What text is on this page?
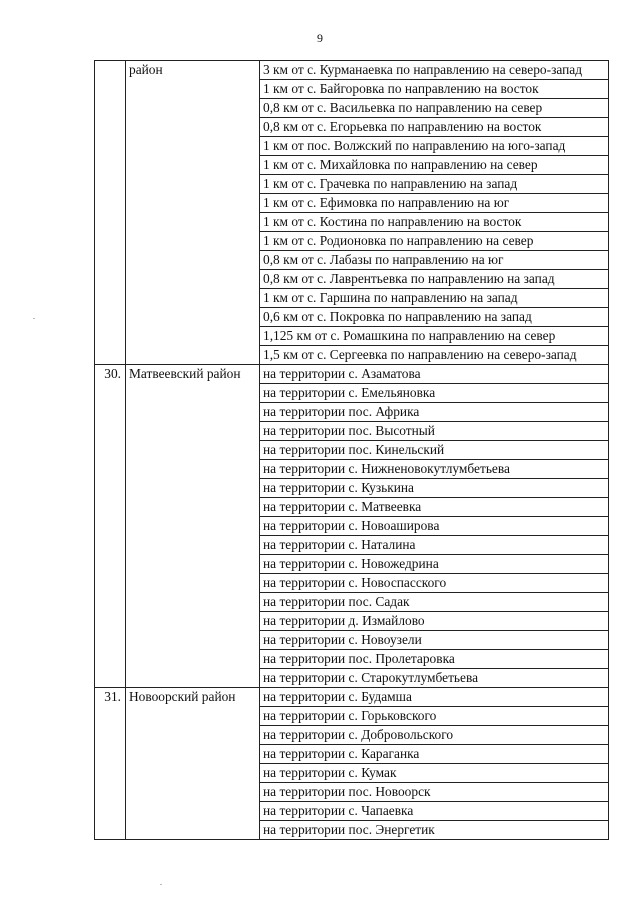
9
	район	3 км от с. Курманаевка по направлению на северо-запад
		1 км от с. Байгоровка по направлению на восток
		0,8 км от с. Васильевка по направлению на север
		0,8 км от с. Егорьевка по направлению на восток
		1 км от пос. Волжский по направлению на юго-запад
		1 км от с. Михайловка по направлению на север
		1 км от с. Грачевка по направлению на запад
		1 км от с. Ефимовка по направлению на юг
		1 км от с. Костина по направлению на восток
		1 км от с. Родионовка по направлению на север
		0,8 км от с. Лабазы по направлению на юг
		0,8 км от с. Лаврентьевка по направлению на запад
		1 км от с. Гаршина по направлению на запад
		0,6 км от с. Покровка по направлению на запад
		1,125 км от с. Ромашкина по направлению на север
		1,5 км от с. Сергеевка по направлению на северо-запад
30.	Матвеевский район	на территории с. Азаматова
		на территории с. Емельяновка
		на территории пос. Африка
		на территории пос. Высотный
		на территории пос. Кинельский
		на территории с. Нижненовокутлумбетьева
		на территории с. Кузькина
		на территории с. Матвеевка
		на территории с. Новоаширова
		на территории с. Наталина
		на территории с. Новожедрина
		на территории с. Новоспасского
		на территории пос. Садак
		на территории д. Измайлово
		на территории с. Новоузели
		на территории пос. Пролетаровка
		на территории с. Старокутлумбетьева
31.	Новоорский район	на территории с. Будамша
		на территории с. Горьковского
		на территории с. Добровольского
		на территории с. Караганка
		на территории с. Кумак
		на территории пос. Новоорск
		на территории с. Чапаевка
		на территории пос. Энергетик
